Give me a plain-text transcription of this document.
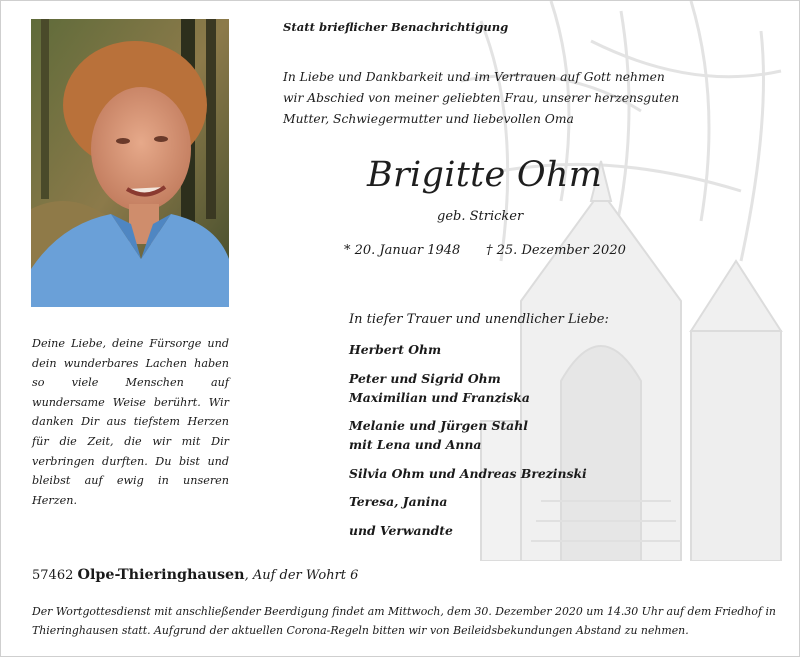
Deine Liebe, deine Fürsorge und dein wunderbares Lachen haben so viele Menschen auf wundersame Weise berührt. Wir danken Dir aus tiefstem Herzen für die Zeit, die wir mit Dir verbringen durften. Du bist und bleibst auf ewig in unseren Herzen.
Statt brieflicher Benachrichtigung
In Liebe und Dankbarkeit und im Vertrauen auf Gott nehmen
wir Abschied von meiner geliebten Frau, unserer herzensguten
Mutter, Schwiegermutter und liebevollen Oma
Brigitte Ohm
geb. Stricker
* 20. Januar 1948 † 25. Dezember 2020
In tiefer Trauer und unendlicher Liebe:
Herbert Ohm
Peter und Sigrid Ohm
Maximilian und Franziska
Melanie und Jürgen Stahl
mit Lena und Anna
Silvia Ohm und Andreas Brezinski
Teresa, Janina
und Verwandte
57462 Olpe-Thieringhausen, Auf der Wohrt 6
Der Wortgottesdienst mit anschließender Beerdigung findet am Mittwoch, dem 30. Dezember 2020 um 14.30 Uhr auf dem Friedhof in
Thieringhausen statt. Aufgrund der aktuellen Corona-Regeln bitten wir von Beileidsbekundungen Abstand zu nehmen.
